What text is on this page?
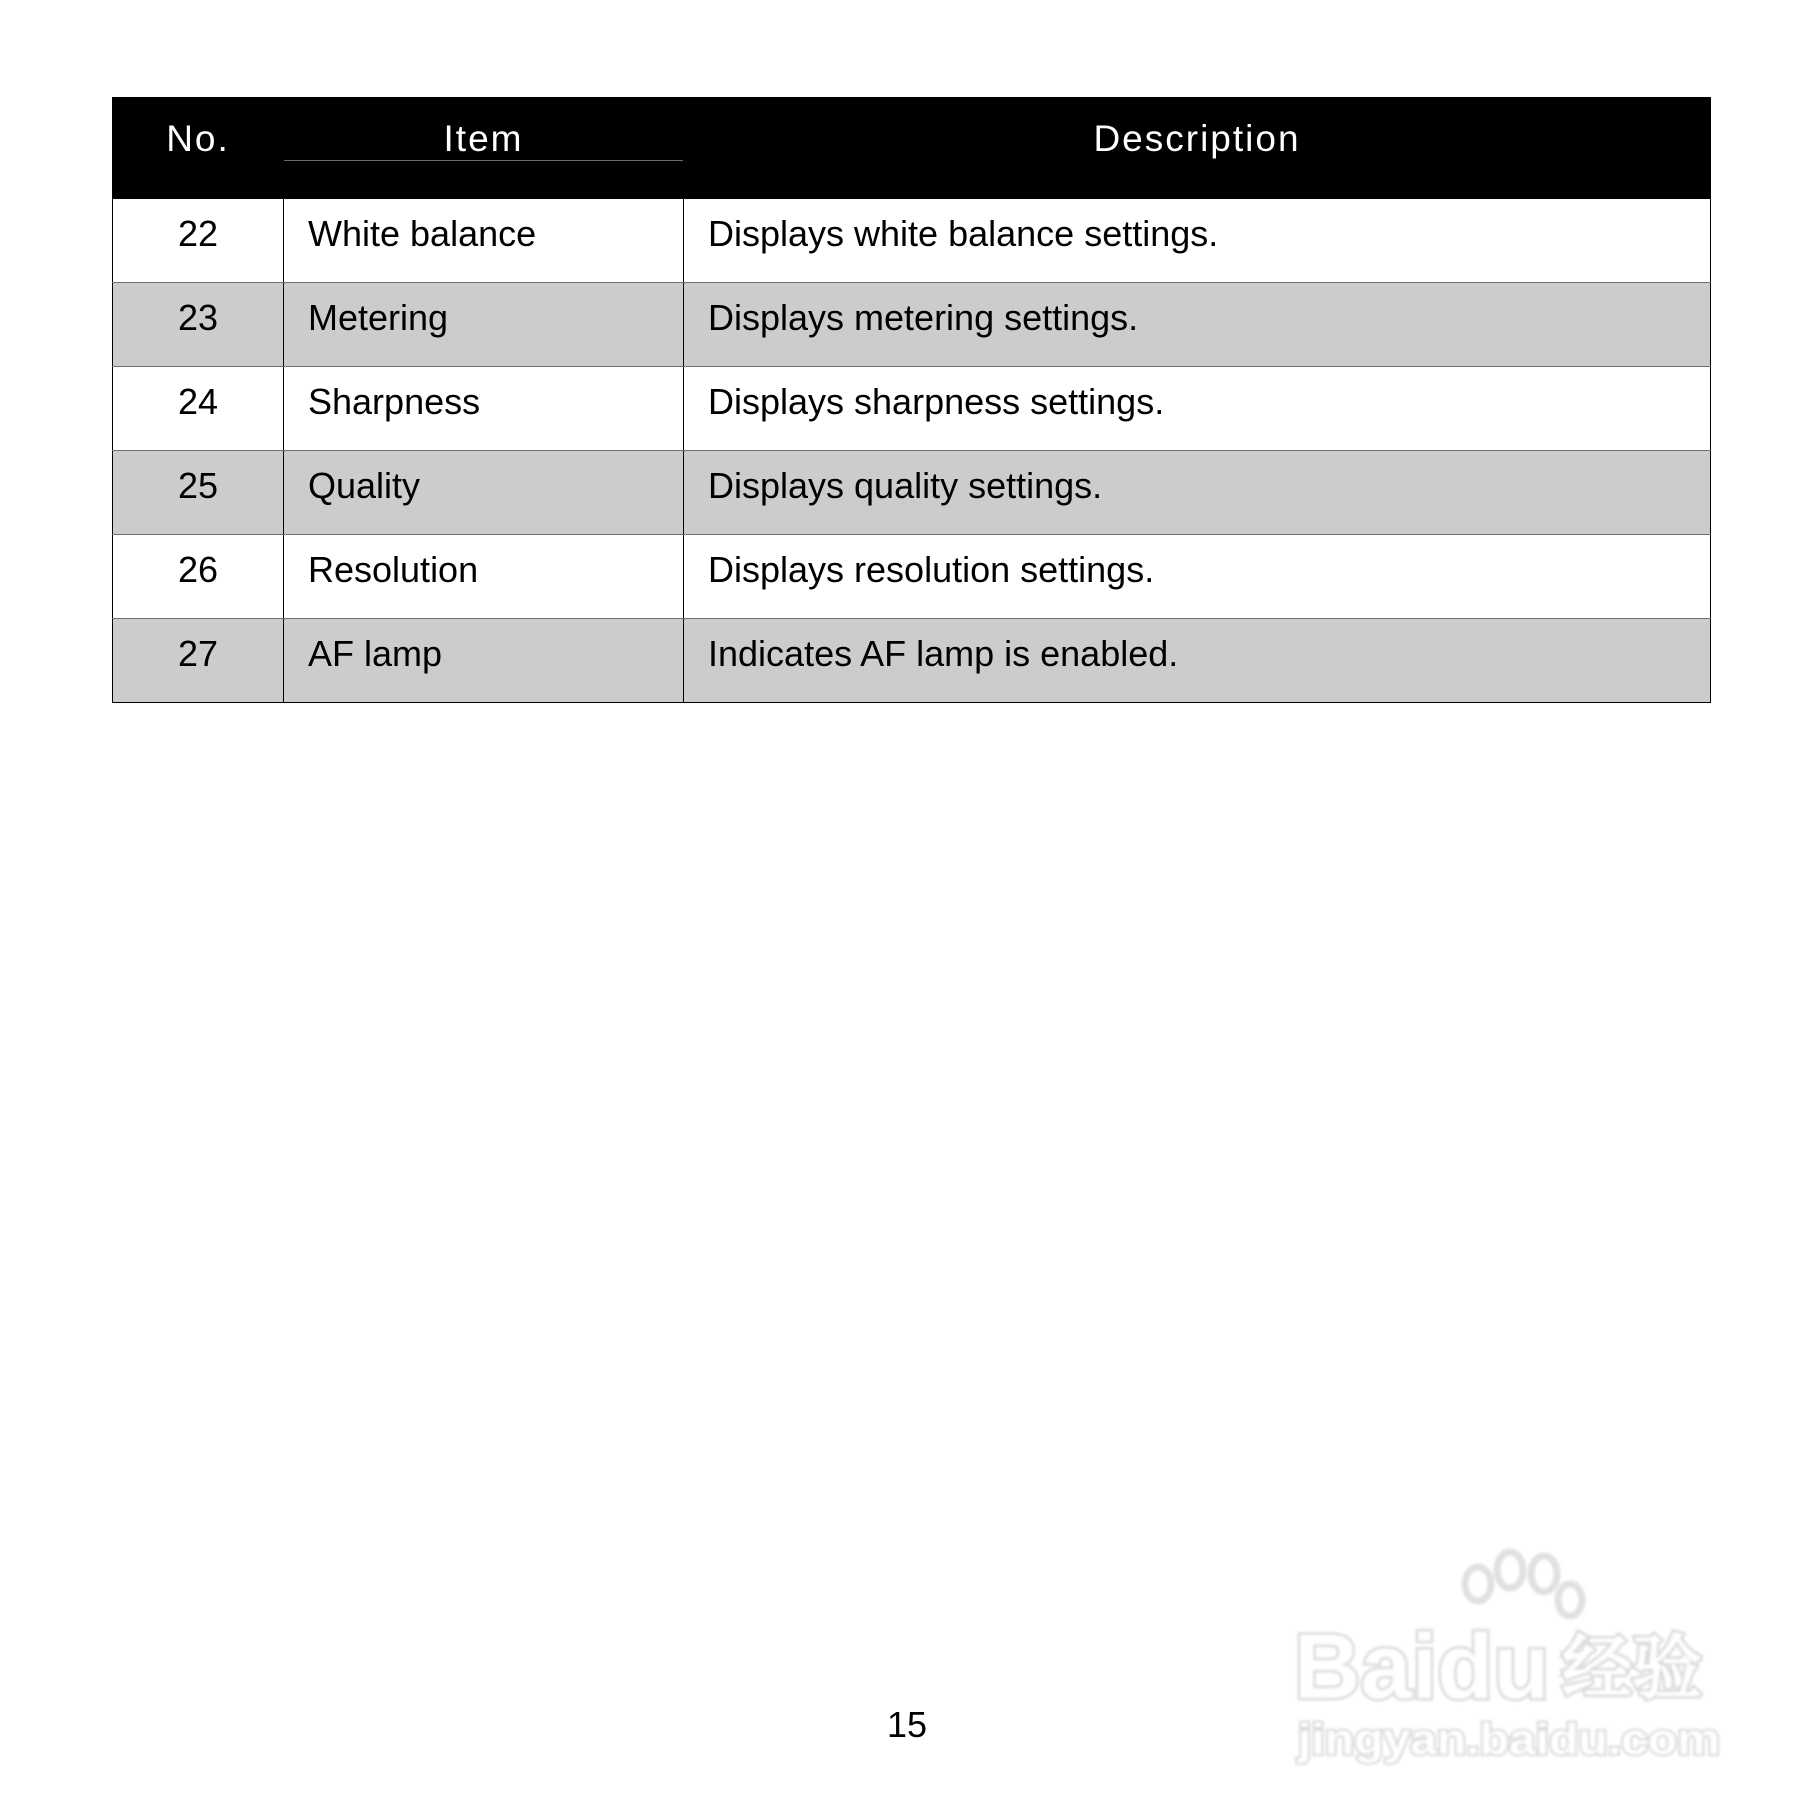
No.	Item	Description

22	White balance	Displays white balance settings.

23	Metering	Displays metering settings.

24	Sharpness	Displays sharpness settings.

25	Quality	Displays quality settings.

26	Resolution	Displays resolution settings.

27	AF lamp	Indicates AF lamp is enabled.
15
Baidu 经验
jingyan.baidu.com
